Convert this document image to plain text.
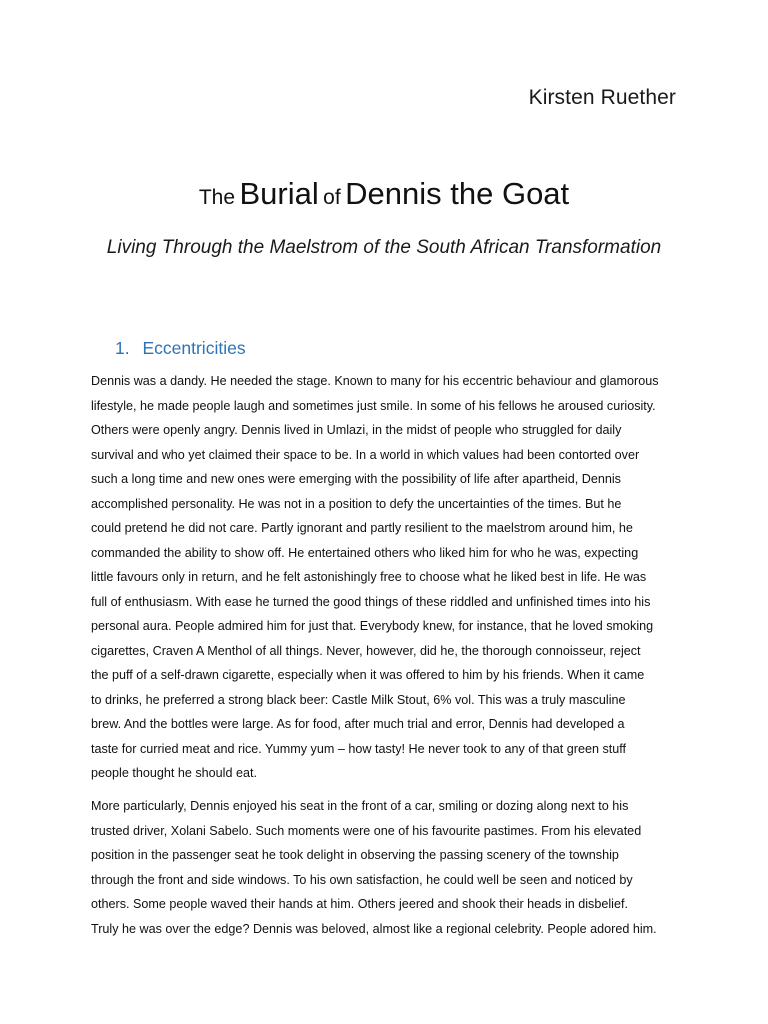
Kirsten Ruether
The Burial of Dennis the Goat
Living Through the Maelstrom of the South African Transformation
1. Eccentricities
Dennis was a dandy. He needed the stage. Known to many for his eccentric behaviour and glamorous
lifestyle, he made people laugh and sometimes just smile. In some of his fellows he aroused curiosity.
Others were openly angry. Dennis lived in Umlazi, in the midst of people who struggled for daily
survival and who yet claimed their space to be. In a world in which values had been contorted over
such a long time and new ones were emerging with the possibility of life after apartheid, Dennis
accomplished personality. He was not in a position to defy the uncertainties of the times. But he
could pretend he did not care. Partly ignorant and partly resilient to the maelstrom around him, he
commanded the ability to show off. He entertained others who liked him for who he was, expecting
little favours only in return, and he felt astonishingly free to choose what he liked best in life. He was
full of enthusiasm. With ease he turned the good things of these riddled and unfinished times into his
personal aura. People admired him for just that. Everybody knew, for instance, that he loved smoking
cigarettes, Craven A Menthol of all things. Never, however, did he, the thorough connoisseur, reject
the puff of a self-drawn cigarette, especially when it was offered to him by his friends. When it came
to drinks, he preferred a strong black beer: Castle Milk Stout, 6% vol. This was a truly masculine
brew. And the bottles were large. As for food, after much trial and error, Dennis had developed a
taste for curried meat and rice. Yummy yum – how tasty! He never took to any of that green stuff
people thought he should eat.
More particularly, Dennis enjoyed his seat in the front of a car, smiling or dozing along next to his
trusted driver, Xolani Sabelo. Such moments were one of his favourite pastimes. From his elevated
position in the passenger seat he took delight in observing the passing scenery of the township
through the front and side windows. To his own satisfaction, he could well be seen and noticed by
others. Some people waved their hands at him. Others jeered and shook their heads in disbelief.
Truly he was over the edge? Dennis was beloved, almost like a regional celebrity. People adored him.
